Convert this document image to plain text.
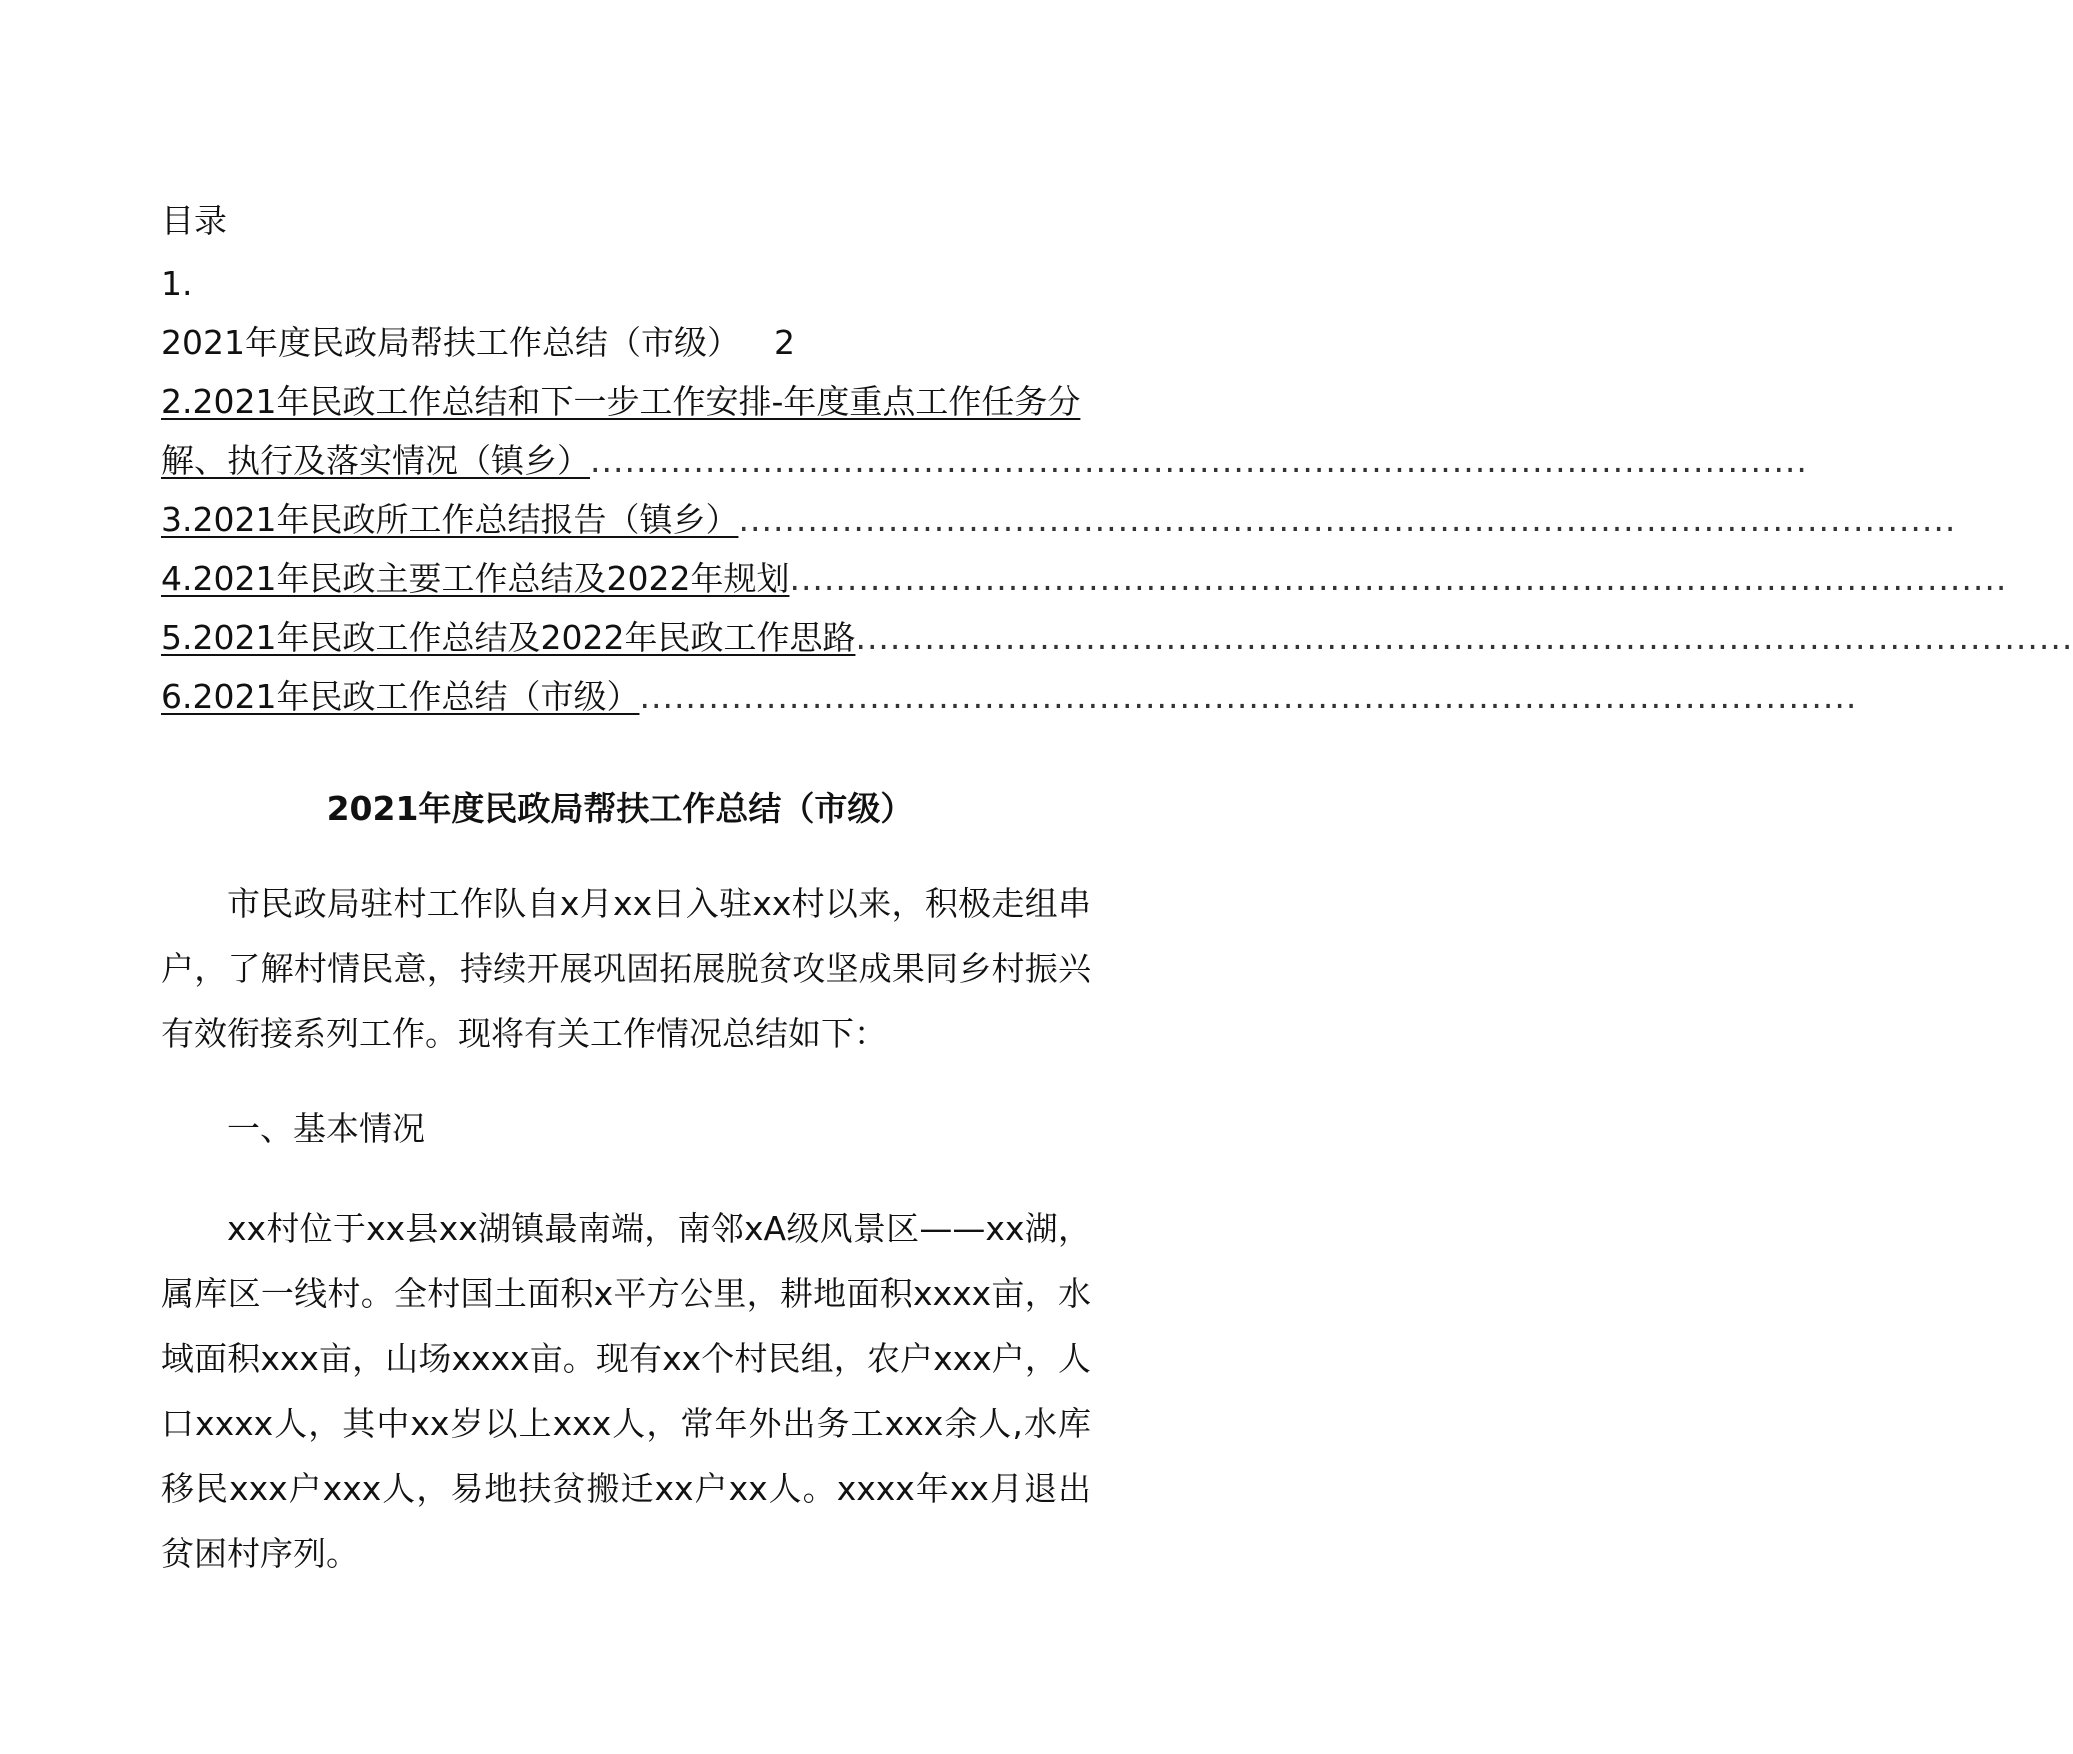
目录
1.
2021年度民政局帮扶工作总结（市级） 2
2.2021年民政工作总结和下一步工作安排-年度重点工作任务分
解、执行及落实情况（镇乡）..........................................................................................................
3.2021年民政所工作总结报告（镇乡）..........................................................................................................
4.2021年民政主要工作总结及2022年规划..........................................................................................................
5.2021年民政工作总结及2022年民政工作思路..........................................................................................................
6.2021年民政工作总结（市级）..........................................................................................................
2021年度民政局帮扶工作总结（市级）

市民政局驻村工作队自x月xx日入驻xx村以来，积极走组串户，了解村情民意，持续开展巩固拓展脱贫攻坚成果同乡村振兴有效衔接系列工作。现将有关工作情况总结如下：

一、基本情况

xx村位于xx县xx湖镇最南端，南邻xA级风景区——xx湖，属库区一线村。全村国土面积x平方公里，耕地面积xxxx亩，水域面积xxx亩，山场xxxx亩。现有xx个村民组，农户xxx户，人口xxxx人，其中xx岁以上xxx人，常年外出务工xxx余人,水库移民xxx户xxx人，易地扶贫搬迁xx户xx人。xxxx年xx月退出贫困村序列。
